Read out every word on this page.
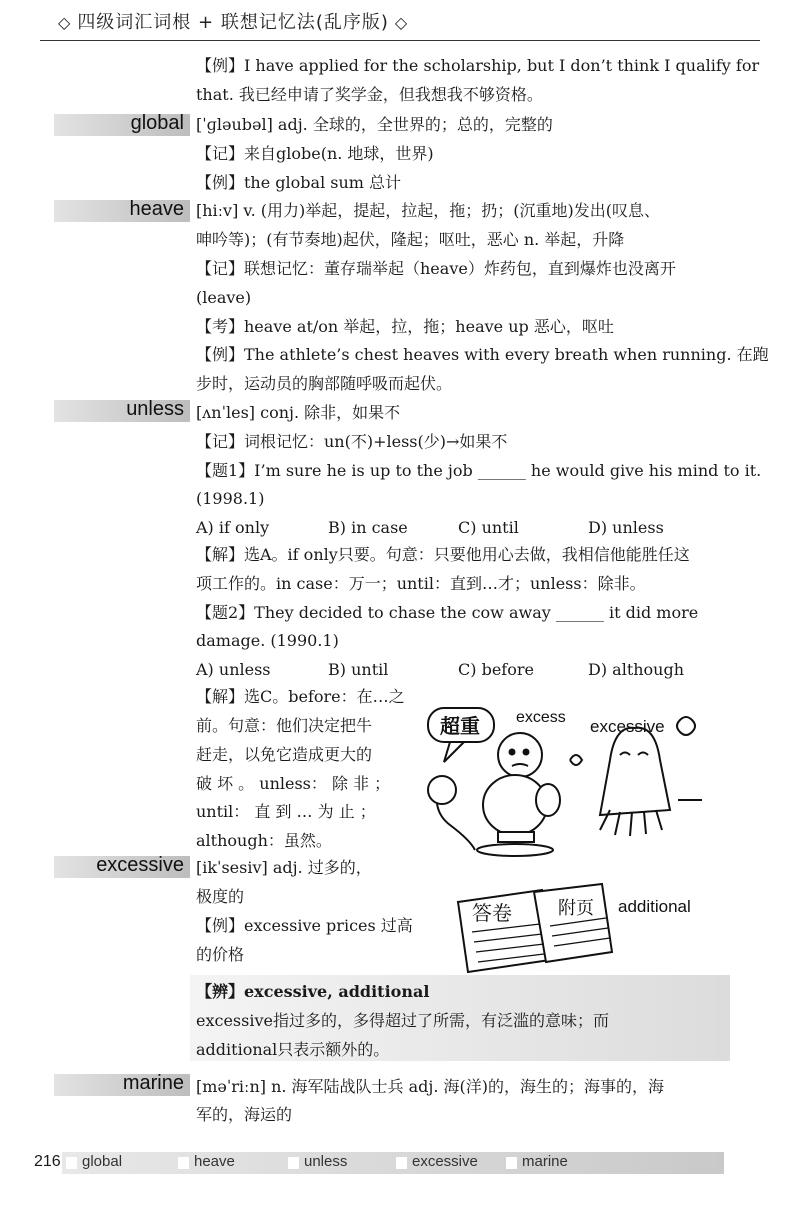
◇ 四级词汇词根 + 联想记忆法(乱序版) ◇
【例】I have applied for the scholarship, but I don’t think I qualify for
that. 我已经申请了奖学金，但我想我不够资格。
global [ˈɡləubəl] adj. 全球的，全世界的；总的，完整的
【记】来自globe(n. 地球，世界)
【例】the global sum 总计
heave [hiːv] v. (用力)举起，提起，拉起，拖；扔；(沉重地)发出(叹息、
呻吟等)；(有节奏地)起伏，隆起；呕吐，恶心 n. 举起，升降
【记】联想记忆：董存瑞举起（heave）炸药包，直到爆炸也没离开
(leave)
【考】heave at/on 举起，拉，拖；heave up 恶心，呕吐
【例】The athlete’s chest heaves with every breath when running. 在跑
步时，运动员的胸部随呼吸而起伏。
unless [ʌnˈles] conj. 除非，如果不
【记】词根记忆：un(不)+less(少)→如果不
【题1】I’m sure he is up to the job ______ he would give his mind to it.
(1998.1)
A) if only	B) in case	C) until	D) unless
【解】选A。if only只要。句意：只要他用心去做，我相信他能胜任这
项工作的。in case：万一；until：直到…才；unless：除非。
【题2】They decided to chase the cow away ______ it did more
damage. (1990.1)
A) unless	B) until	C) before	D) although
【解】选C。before：在…之
前。句意：他们决定把牛
赶走，以免它造成更大的
破 坏 。 unless： 除 非 ；
until： 直 到 … 为 止 ；
although：虽然。
超重 excess excessive
excessive [ikˈsesiv] adj. 过多的，
极度的
【例】excessive prices 过高
的价格
答卷	附页 additional
【辨】excessive, additional
excessive指过多的，多得超过了所需，有泛滥的意味；而
additional只表示额外的。
marine [məˈriːn] n. 海军陆战队士兵 adj. 海(洋)的，海生的；海事的，海
军的，海运的
216 global	heave	unless	excessive	marine
